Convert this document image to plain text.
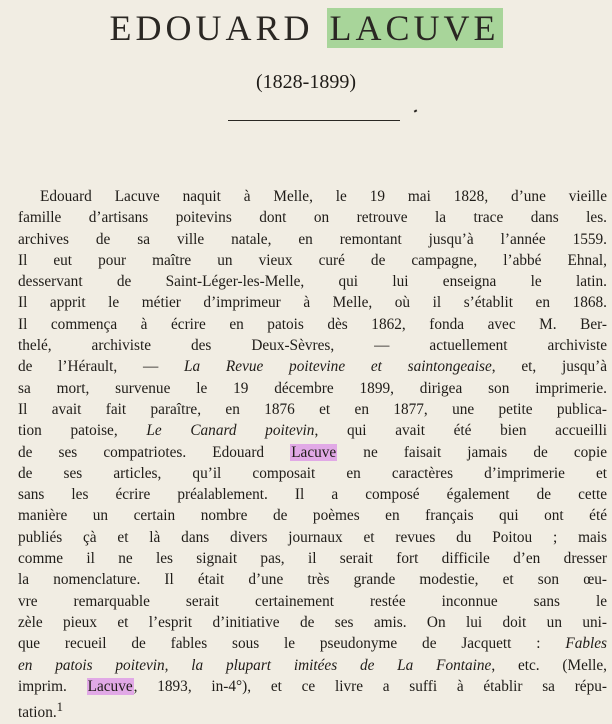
EDOUARD LACUVE
(1828-1899)
Edouard Lacuve naquit à Melle, le 19 mai 1828, d’une vieille
famille d’artisans poitevins dont on retrouve la trace dans les.
archives de sa ville natale, en remontant jusqu’à l’année 1559.
Il eut pour maître un vieux curé de campagne, l’abbé Ehnal,
desservant de Saint-Léger-les-Melle, qui lui enseigna le latin.
Il apprit le métier d’imprimeur à Melle, où il s’établit en 1868.
Il commença à écrire en patois dès 1862, fonda avec M. Ber-
thelé, archiviste des Deux-Sèvres, — actuellement archiviste
de l’Hérault, — La Revue poitevine et saintongeaise, et, jusqu’à
sa mort, survenue le 19 décembre 1899, dirigea son imprimerie.
Il avait fait paraître, en 1876 et en 1877, une petite publica-
tion patoise, Le Canard poitevin, qui avait été bien accueilli
de ses compatriotes. Edouard Lacuve ne faisait jamais de copie
de ses articles, qu’il composait en caractères d’imprimerie et
sans les écrire préalablement. Il a composé également de cette
manière un certain nombre de poèmes en français qui ont été
publiés çà et là dans divers journaux et revues du Poitou ; mais
comme il ne les signait pas, il serait fort difficile d’en dresser
la nomenclature. Il était d’une très grande modestie, et son œu-
vre remarquable serait certainement restée inconnue sans le
zèle pieux et l’esprit d’initiative de ses amis. On lui doit un uni-
que recueil de fables sous le pseudonyme de Jacquett : Fables
en patois poitevin, la plupart imitées de La Fontaine, etc. (Melle,
imprim. Lacuve, 1893, in-4°), et ce livre a suffi à établir sa répu-
tation.$^1$
